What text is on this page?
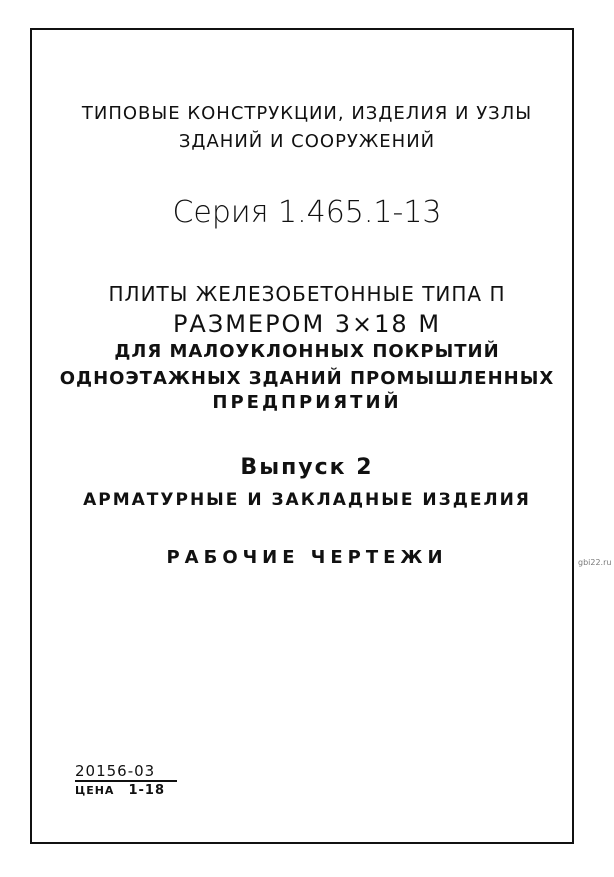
ТИПОВЫЕ КОНСТРУКЦИИ, ИЗДЕЛИЯ И УЗЛЫ
ЗДАНИЙ И СООРУЖЕНИЙ
Серия 1.465.1-13
ПЛИТЫ ЖЕЛЕЗОБЕТОННЫЕ ТИПА П
РАЗМЕРОМ 3×18 М
ДЛЯ МАЛОУКЛОННЫХ ПОКРЫТИЙ
ОДНОЭТАЖНЫХ ЗДАНИЙ ПРОМЫШЛЕННЫХ
ПРЕДПРИЯТИЙ
Выпуск 2
АРМАТУРНЫЕ И ЗАКЛАДНЫЕ ИЗДЕЛИЯ
РАБОЧИЕ ЧЕРТЕЖИ
20156-03
ЦЕНА 1-18
gbi22.ru
